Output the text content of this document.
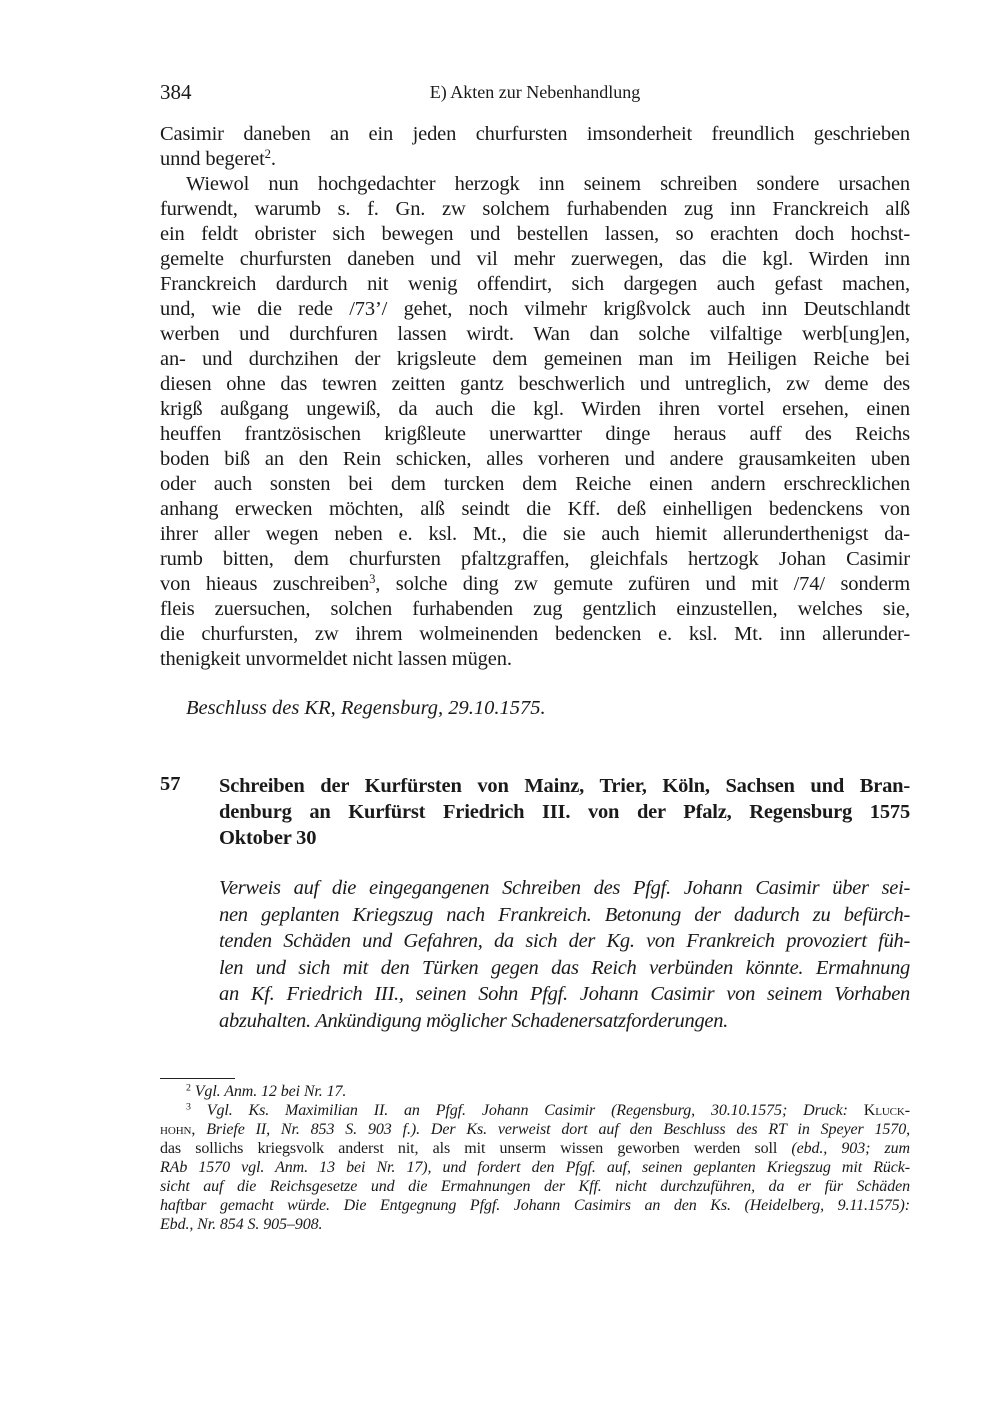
384	E) Akten zur Nebenhandlung
Casimir daneben an ein jeden churfursten imsonderheit freundlich geschrieben
unnd begeret$^2$.
Wiewol nun hochgedachter herzogk inn seinem schreiben sondere ursachen
furwendt, warumb s. f. Gn. zw solchem furhabenden zug inn Franckreich alß
ein feldt obrister sich bewegen und bestellen lassen, so erachten doch hochst-
gemelte churfursten daneben und vil mehr zuerwegen, das die kgl. Wirden inn
Franckreich dardurch nit wenig offendirt, sich dargegen auch gefast machen,
und, wie die rede /73’/ gehet, noch vilmehr krigßvolck auch inn Deutschlandt
werben und durchfuren lassen wirdt. Wan dan solche vilfaltige werb[ung]en,
an- und durchzihen der krigsleute dem gemeinen man im Heiligen Reiche bei
diesen ohne das tewren zeitten gantz beschwerlich und untreglich, zw deme des
krigß außgang ungewiß, da auch die kgl. Wirden ihren vortel ersehen, einen
heuffen frantzösischen krigßleute unerwartter dinge heraus auff des Reichs
boden biß an den Rein schicken, alles vorheren und andere grausamkeiten uben
oder auch sonsten bei dem turcken dem Reiche einen andern erschrecklichen
anhang erwecken möchten, alß seindt die Kff. deß einhelligen bedenckens von
ihrer aller wegen neben e. ksl. Mt., die sie auch hiemit allerunderthenigst da-
rumb bitten, dem churfursten pfaltzgraffen, gleichfals hertzogk Johan Casimir
von hieaus zuschreiben$^3$, solche ding zw gemute zufüren und mit /74/ sonderm
fleis zuersuchen, solchen furhabenden zug gentzlich einzustellen, welches sie,
die churfursten, zw ihrem wolmeinenden bedencken e. ksl. Mt. inn allerunder-
thenigkeit unvormeldet nicht lassen mügen.
Beschluss des KR, Regensburg, 29.10.1575.
57 Schreiben der Kurfürsten von Mainz, Trier, Köln, Sachsen und Bran-
denburg an Kurfürst Friedrich III. von der Pfalz, Regensburg 1575
Oktober 30
Verweis auf die eingegangenen Schreiben des Pfgf. Johann Casimir über sei-
nen geplanten Kriegszug nach Frankreich. Betonung der dadurch zu befürch-
tenden Schäden und Gefahren, da sich der Kg. von Frankreich provoziert füh-
len und sich mit den Türken gegen das Reich verbünden könnte. Ermahnung
an Kf. Friedrich III., seinen Sohn Pfgf. Johann Casimir von seinem Vorhaben
abzuhalten. Ankündigung möglicher Schadenersatzforderungen.
$^2$ Vgl. Anm. 12 bei Nr. 17.
$^3$ Vgl. Ks. Maximilian II. an Pfgf. Johann Casimir (Regensburg, 30.10.1575; Druck: Kluck-
hohn, Briefe II, Nr. 853 S. 903 f.). Der Ks. verweist dort auf den Beschluss des RT in Speyer 1570,
das sollichs kriegsvolk anderst nit, als mit unserm wissen geworben werden soll (ebd., 903; zum
RAb 1570 vgl. Anm. 13 bei Nr. 17), und fordert den Pfgf. auf, seinen geplanten Kriegszug mit Rück-
sicht auf die Reichsgesetze und die Ermahnungen der Kff. nicht durchzuführen, da er für Schäden
haftbar gemacht würde. Die Entgegnung Pfgf. Johann Casimirs an den Ks. (Heidelberg, 9.11.1575):
Ebd., Nr. 854 S. 905–908.
